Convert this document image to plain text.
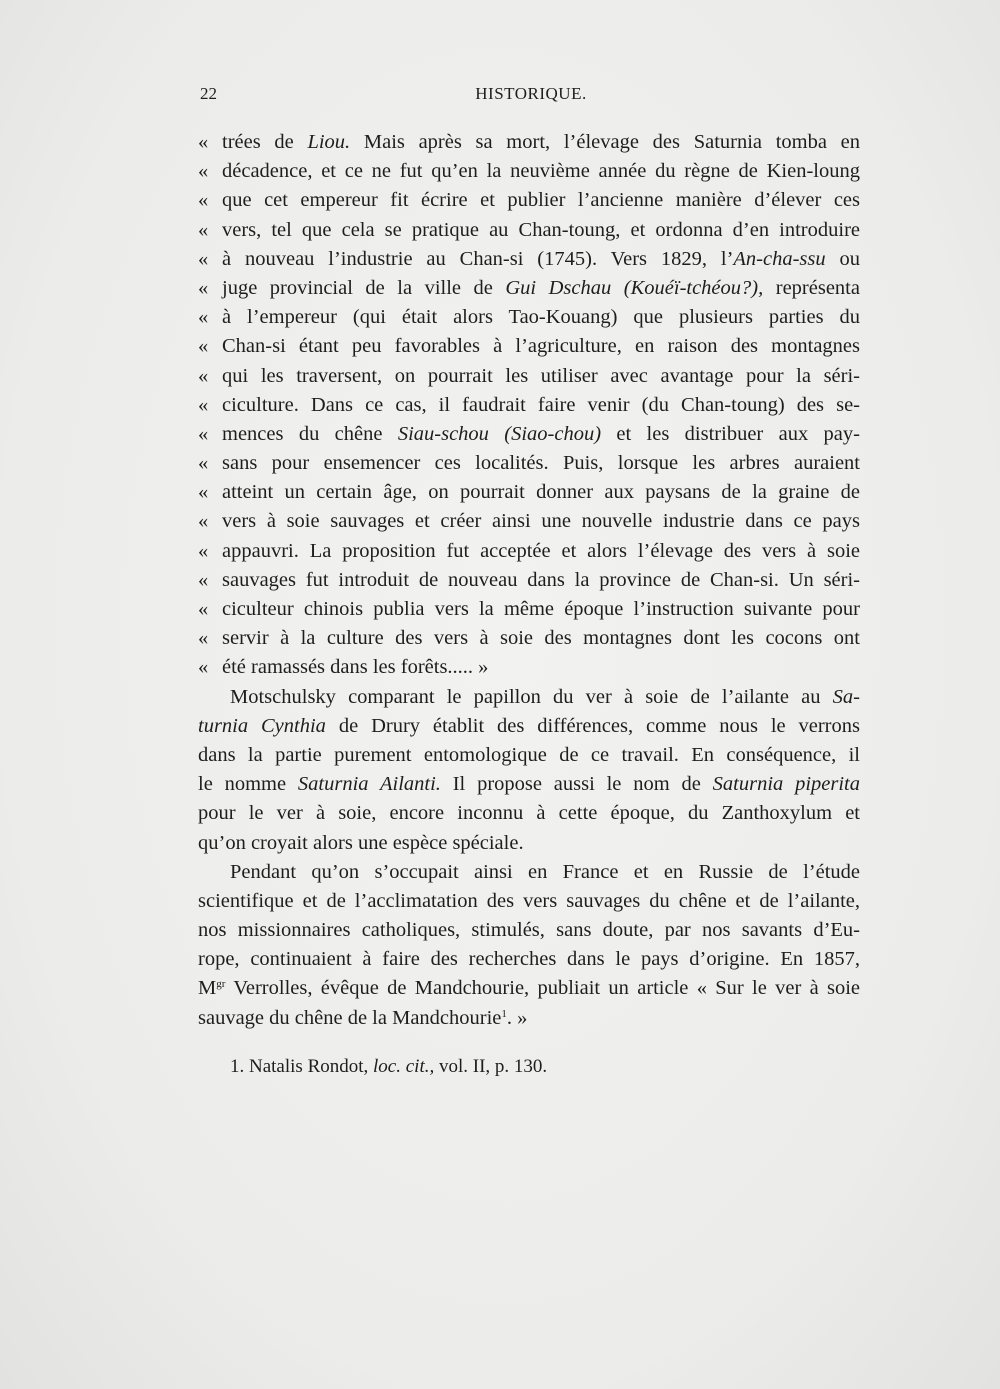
22	HISTORIQUE.
« trées de Liou. Mais après sa mort, l’élevage des Saturnia tomba en
« décadence, et ce ne fut qu’en la neuvième année du règne de Kien-loung
« que cet empereur fit écrire et publier l’ancienne manière d’élever ces
« vers, tel que cela se pratique au Chan-toung, et ordonna d’en introduire
« à nouveau l’industrie au Chan-si (1745). Vers 1829, l’An-cha-ssu ou
« juge provincial de la ville de Gui Dschau (Kouéï-tchéou?), représenta
« à l’empereur (qui était alors Tao-Kouang) que plusieurs parties du
« Chan-si étant peu favorables à l’agriculture, en raison des montagnes
« qui les traversent, on pourrait les utiliser avec avantage pour la séri-
« ciculture. Dans ce cas, il faudrait faire venir (du Chan-toung) des se-
« mences du chêne Siau-schou (Siao-chou) et les distribuer aux pay-
« sans pour ensemencer ces localités. Puis, lorsque les arbres auraient
« atteint un certain âge, on pourrait donner aux paysans de la graine de
« vers à soie sauvages et créer ainsi une nouvelle industrie dans ce pays
« appauvri. La proposition fut acceptée et alors l’élevage des vers à soie
« sauvages fut introduit de nouveau dans la province de Chan-si. Un séri-
« ciculteur chinois publia vers la même époque l’instruction suivante pour
« servir à la culture des vers à soie des montagnes dont les cocons ont
« été ramassés dans les forêts..... »
Motschulsky comparant le papillon du ver à soie de l’ailante au Sa-
turnia Cynthia de Drury établit des différences, comme nous le verrons
dans la partie purement entomologique de ce travail. En conséquence, il
le nomme Saturnia Ailanti. Il propose aussi le nom de Saturnia piperita
pour le ver à soie, encore inconnu à cette époque, du Zanthoxylum et
qu’on croyait alors une espèce spéciale.
Pendant qu’on s’occupait ainsi en France et en Russie de l’étude
scientifique et de l’acclimatation des vers sauvages du chêne et de l’ailante,
nos missionnaires catholiques, stimulés, sans doute, par nos savants d’Eu-
rope, continuaient à faire des recherches dans le pays d’origine. En 1857,
$M^{gr}$ Verrolles, évêque de Mandchourie, publiait un article « Sur le ver à soie
sauvage du chêne de la Mandchourie$^1$. »
1. Natalis Rondot, loc. cit., vol. II, p. 130.
